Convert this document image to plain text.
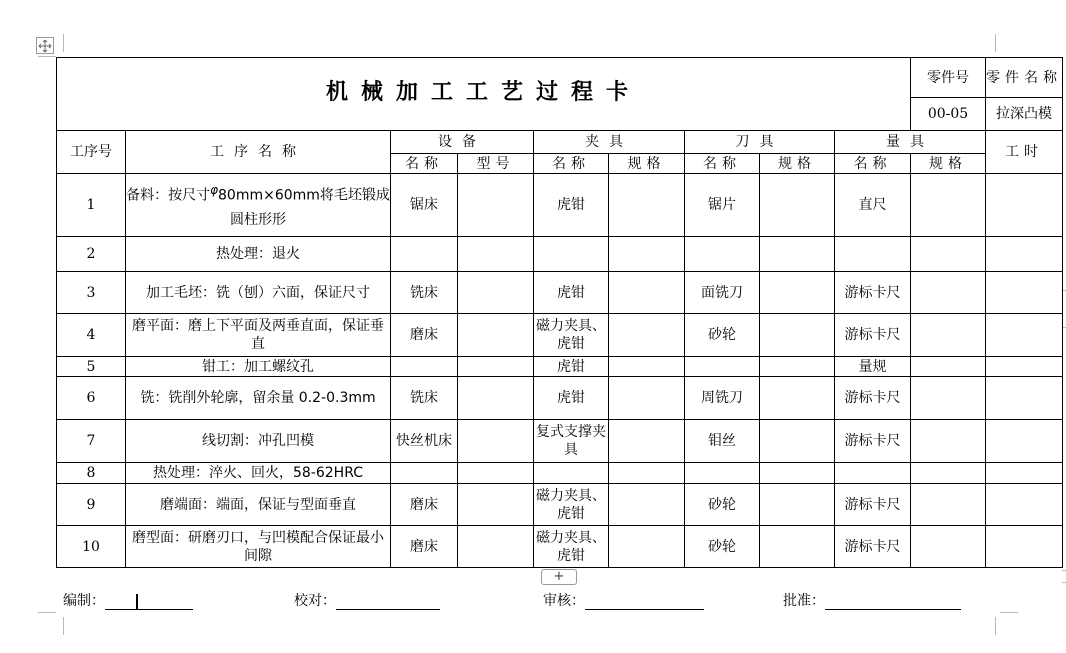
机械加工工艺过程卡									零件号	零件名称
									00-05	拉深凸模
工序号	工序名称	设备		夹具		刀具		量具		工时
		名称	型号	名称	规格	名称	规格	名称	规格	
1	备料：按尺寸φ80mm×60mm将毛坯锻成圆柱形形	锯床		虎钳		锯片		直尺		
2	热处理：退火									
3	加工毛坯：铣（刨）六面，保证尺寸	铣床		虎钳		面铣刀		游标卡尺		
4	磨平面：磨上下平面及两垂直面，保证垂直	磨床		磁力夹具、虎钳		砂轮		游标卡尺		
5	钳工：加工螺纹孔			虎钳				量规		
6	铣：铣削外轮廓，留余量 0.2-0.3mm	铣床		虎钳		周铣刀		游标卡尺		
7	线切割：冲孔凹模	快丝机床		复式支撑夹具		钼丝		游标卡尺		
8	热处理：淬火、回火，58-62HRC									
9	磨端面：端面，保证与型面垂直	磨床		磁力夹具、虎钳		砂轮		游标卡尺		
10	磨型面：研磨刃口，与凹模配合保证最小间隙	磨床		磁力夹具、虎钳		砂轮		游标卡尺		
+
编制：	校对：	审核：	批准：
